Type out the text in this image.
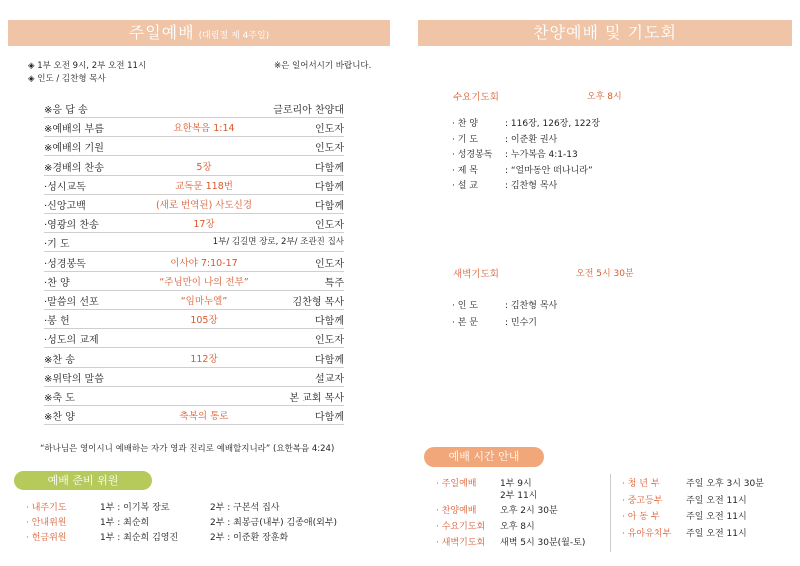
주일예배 (대림절 제 4주일)
◈ 1부 오전 9시, 2부 오전 11시	※은 일어서시기 바랍니다.
◈ 인도 / 김찬형 목사
※응 답 송	글로리아 찬양대
※예배의 부름	요한복음 1:14	인도자
※예배의 기원	인도자
※경배의 찬송	5장	다함께
·성시교독	교독문 118번	다함께
·신앙고백	(새로 번역된) 사도신경	다함께
·영광의 찬송	17장	인도자
·기 도	1부/ 김길면 장로, 2부/ 조관진 집사
·성경봉독	이사야 7:10-17	인도자
·찬 양	“주님만이 나의 전부”	특주
·말씀의 선포	“임마누엘”	김찬형 목사
·봉 헌	105장	다함께
·성도의 교제	인도자
※찬 송	112장	다함께
※위탁의 말씀	설교자
※축 도	본 교회 목사
※찬 양	축복의 통로	다함께
“하나님은 영이시니 예배하는 자가 영과 진리로 예배할지니라” (요한복음 4:24)
예배 준비 위원
· 내주기도	1부 : 이기복 장로	2부 : 구본석 집사
· 안내위원	1부 : 최순희	2부 : 최봉금(내부) 김종애(외부)
· 헌금위원	1부 : 최순희 김영진	2부 : 이준환 장훈화
찬양예배 및 기도회
수요기도회	오후 8시
· 찬 양	: 116장, 126장, 122장
· 기 도	: 이준환 권사
· 성경봉독 : 누가복음 4:1-13
· 제 목	: “얼마동안 떠나니라”
· 설 교	: 김찬형 목사
새벽기도회	오전 5시 30분
· 인 도	: 김찬형 목사
· 본 문	: 민수기
예배 시간 안내
· 주일예배	1부 9시
2부 11시
· 찬양예배	오후 2시 30분
· 수요기도회 오후 8시
· 새벽기도회 새벽 5시 30분(월-토)
· 청 년 부	주일 오후 3시 30분
· 중고등부	주일 오전 11시
· 아 동 부	주일 오전 11시
· 유아유치부 주일 오전 11시
